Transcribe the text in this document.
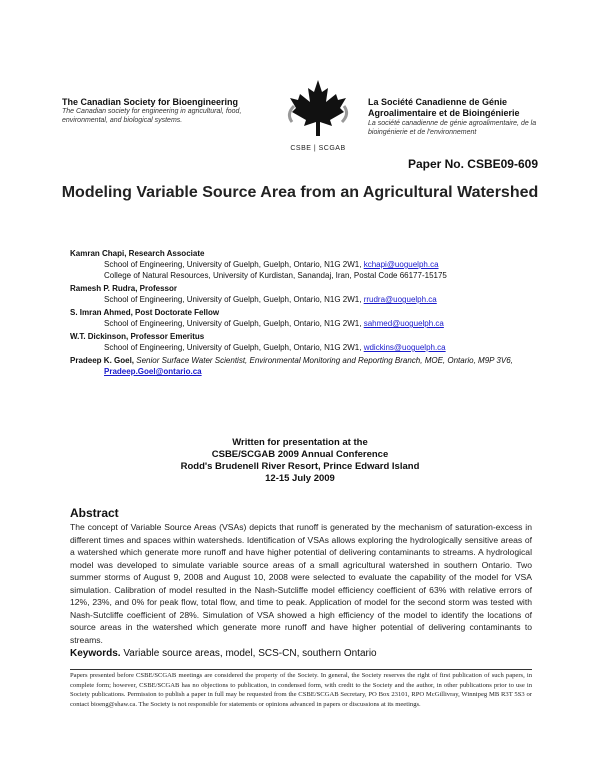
The Canadian Society for Bioengineering
The Canadian society for engineering in agricultural, food, environmental, and biological systems.
CSBE | SCGAB
La Société Canadienne de Génie Agroalimentaire et de Bioingénierie
La société canadienne de génie agroalimentaire, de la bioingénierie et de l'environnement
Paper No. CSBE09-609
Modeling Variable Source Area from an Agricultural Watershed
Kamran Chapi, Research Associate
School of Engineering, University of Guelph, Guelph, Ontario, N1G 2W1, kchapi@uoguelph.ca
College of Natural Resources, University of Kurdistan, Sanandaj, Iran, Postal Code 66177-15175
Ramesh P. Rudra, Professor
School of Engineering, University of Guelph, Guelph, Ontario, N1G 2W1, rrudra@uoguelph.ca
S. Imran Ahmed, Post Doctorate Fellow
School of Engineering, University of Guelph, Guelph, Ontario, N1G 2W1, sahmed@uoguelph.ca
W.T. Dickinson, Professor Emeritus
School of Engineering, University of Guelph, Guelph, Ontario, N1G 2W1, wdickins@uoguelph.ca
Pradeep K. Goel, Senior Surface Water Scientist, Environmental Monitoring and Reporting Branch, MOE, Ontario, M9P 3V6, Pradeep.Goel@ontario.ca
Written for presentation at the
CSBE/SCGAB 2009 Annual Conference
Rodd's Brudenell River Resort, Prince Edward Island
12-15 July 2009
Abstract
The concept of Variable Source Areas (VSAs) depicts that runoff is generated by the mechanism of saturation-excess in different times and spaces within watersheds. Identification of VSAs allows exploring the hydrologically sensitive areas of a watershed which generate more runoff and have higher potential of delivering contaminants to streams. A hydrological model was developed to simulate variable source areas of a small agricultural watershed in southern Ontario. Two summer storms of August 9, 2008 and August 10, 2008 were selected to evaluate the capability of the model for VSA simulation. Calibration of model resulted in the Nash-Sutcliffe model efficiency coefficient of 63% with relative errors of 12%, 23%, and 0% for peak flow, total flow, and time to peak. Application of model for the second storm was tested with Nash-Sutcliffe coefficient of 28%. Simulation of VSA showed a high efficiency of the model to identify the locations of source areas in the watershed which generate more runoff and have higher potential of delivering contaminants to streams.
Keywords. Variable source areas, model, SCS-CN, southern Ontario
Papers presented before CSBE/SCGAB meetings are considered the property of the Society. In general, the Society reserves the right of first publication of such papers, in complete form; however, CSBE/SCGAB has no objections to publication, in condensed form, with credit to the Society and the author, in other publications prior to use in Society publications. Permission to publish a paper in full may be requested from the CSBE/SCGAB Secretary, PO Box 23101, RPO McGillivray, Winnipeg MB R3T 5S3 or contact bioeng@shaw.ca. The Society is not responsible for statements or opinions advanced in papers or discussions at its meetings.
